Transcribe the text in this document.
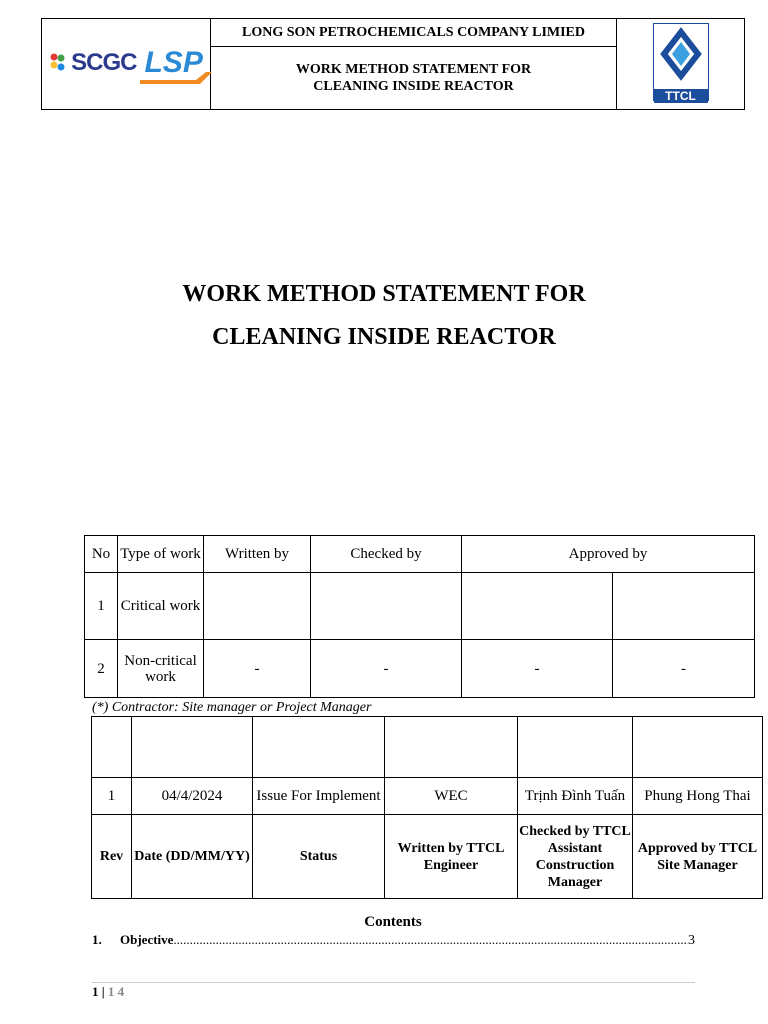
SCGC LSP
	LONG SON PETROCHEMICALS COMPANY LIMIED	
TTCL

WORK METHOD STATEMENT FOR
CLEANING INSIDE REACTOR
WORK METHOD STATEMENT FOR
CLEANING INSIDE REACTOR
No	Type of work	Written by	Checked by	Approved by	
1	Critical work				
2	Non-critical work	-	-	-	-
(*) Contractor: Site manager or Project Manager

1	04/4/2024	Issue For Implement	WEC	Trịnh Đình Tuấn	Phung Hong Thai
Rev	Date (DD/MM/YY)	Status	Written by TTCL Engineer	Checked by TTCL Assistant Construction Manager	Approved by TTCL Site Manager
Contents
1.	Objective .....	3
1 | 1 4
